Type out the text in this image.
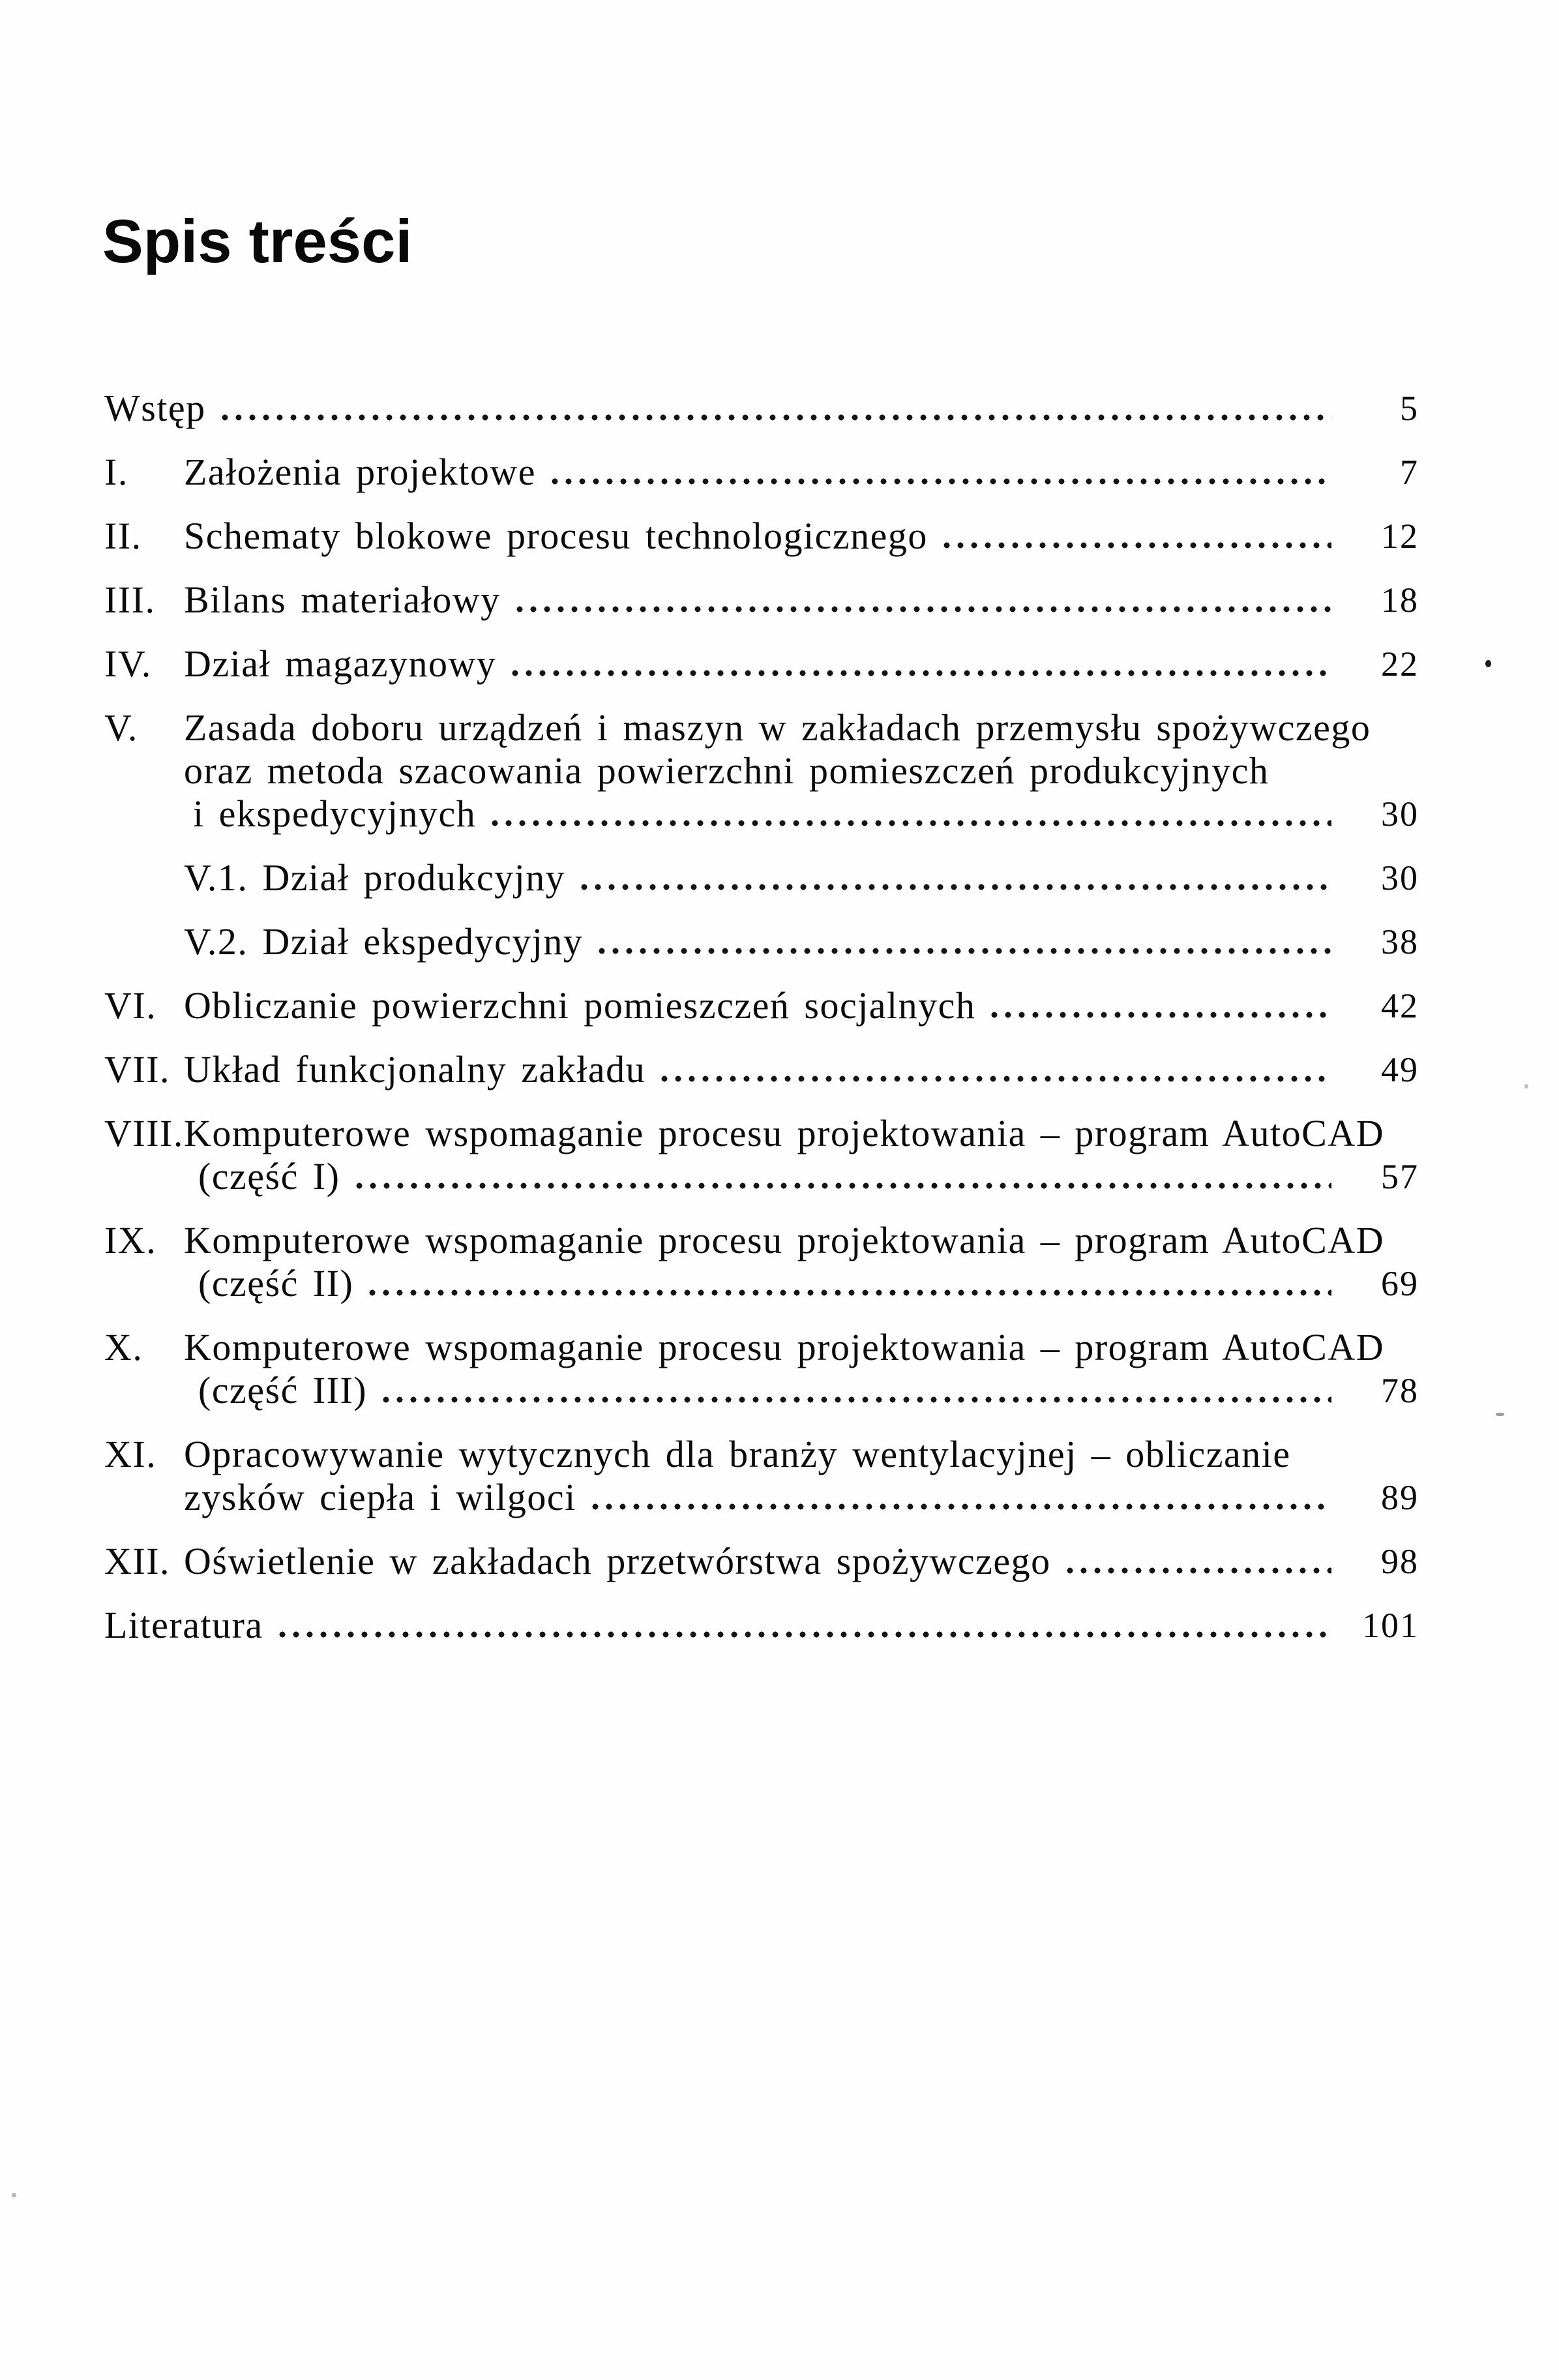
Spis treści
Wstęp	5
I.	Założenia projektowe	7
II.	Schematy blokowe procesu technologicznego	12
III. Bilans materiałowy	18
IV. Dział magazynowy	22
V.	Zasada doboru urządzeń i maszyn w zakładach przemysłu spożywczego
oraz metoda szacowania powierzchni pomieszczeń produkcyjnych
i ekspedycyjnych	30
V.1. Dział produkcyjny	30
V.2. Dział ekspedycyjny	38
VI. Obliczanie powierzchni pomieszczeń socjalnych	42
VII. Układ funkcjonalny zakładu	49
VIII. Komputerowe wspomaganie procesu projektowania – program AutoCAD
(część I)	57
IX. Komputerowe wspomaganie procesu projektowania – program AutoCAD
(część II)	69
X.	Komputerowe wspomaganie procesu projektowania – program AutoCAD
(część III)	78
XI. Opracowywanie wytycznych dla branży wentylacyjnej – obliczanie
zysków ciepła i wilgoci	89
XII. Oświetlenie w zakładach przetwórstwa spożywczego	98
Literatura	101
